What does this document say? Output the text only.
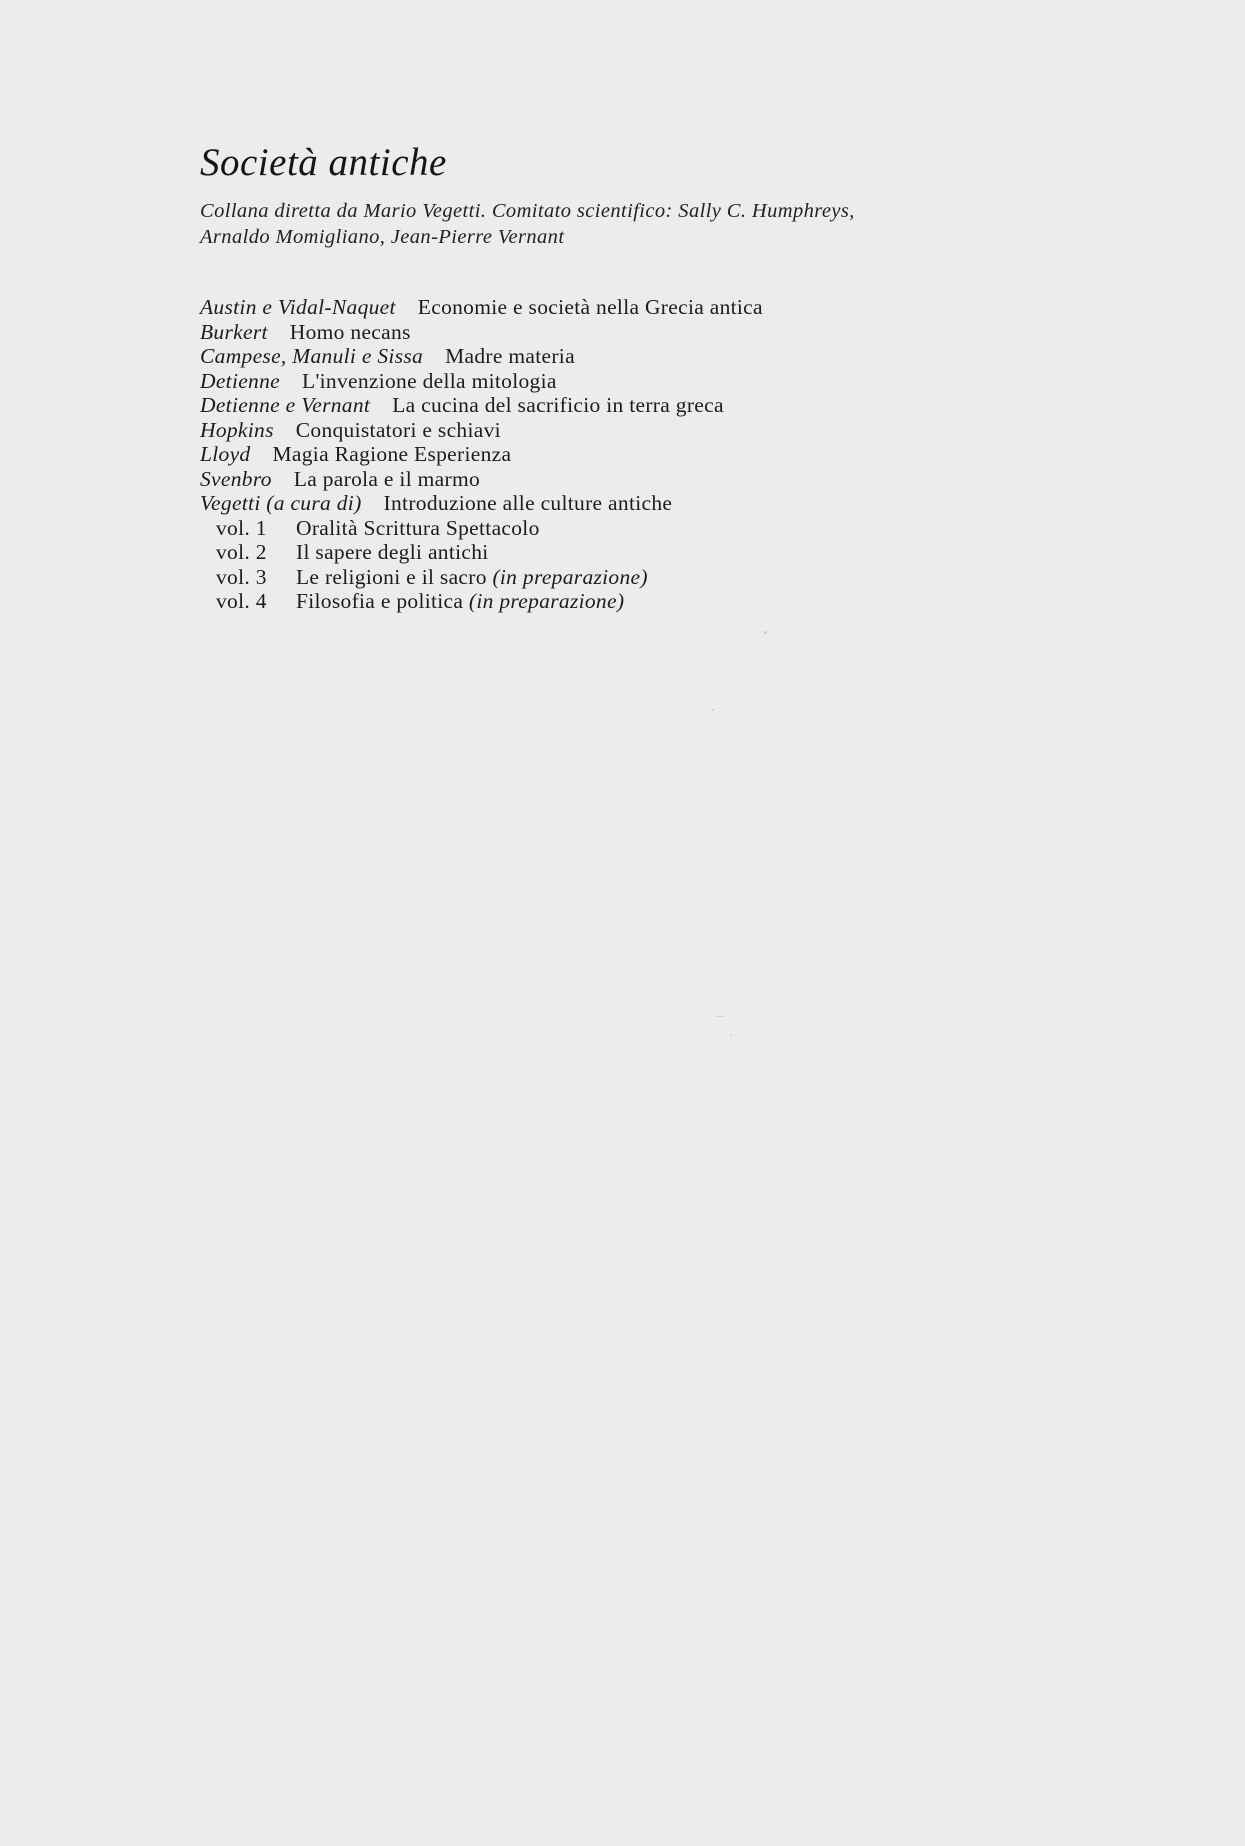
Società antiche

Collana diretta da Mario Vegetti. Comitato scientifico: Sally C. Humphreys,
Arnaldo Momigliano, Jean-Pierre Vernant

Austin e Vidal-Naquet Economie e società nella Grecia antica
Burkert Homo necans
Campese, Manuli e Sissa Madre materia
Detienne L'invenzione della mitologia
Detienne e Vernant La cucina del sacrificio in terra greca
Hopkins Conquistatori e schiavi
Lloyd Magia Ragione Esperienza
Svenbro La parola e il marmo
Vegetti (a cura di) Introduzione alle culture antiche
vol. 1 Oralità Scrittura Spettacolo
vol. 2 Il sapere degli antichi
vol. 3 Le religioni e il sacro (in preparazione)
vol. 4 Filosofia e politica (in preparazione)
